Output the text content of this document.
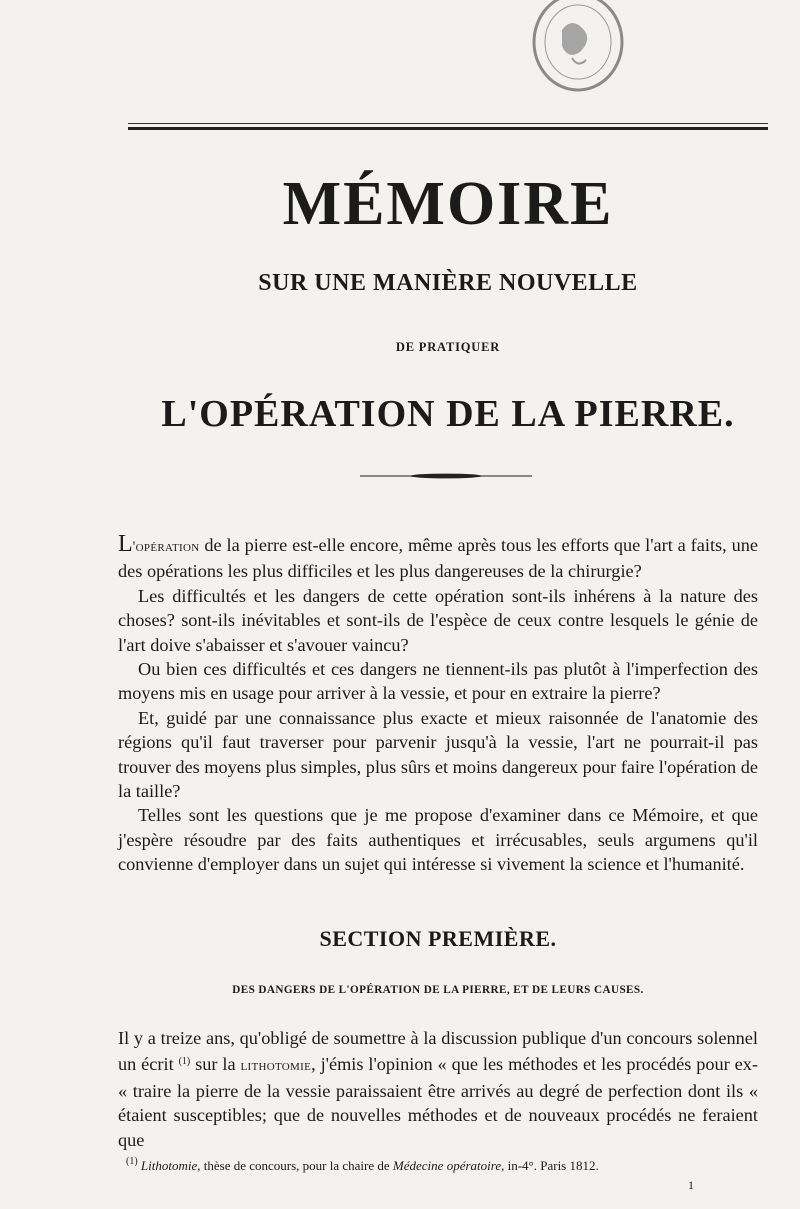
MÉMOIRE
SUR UNE MANIÈRE NOUVELLE
DE PRATIQUER
L'OPÉRATION DE LA PIERRE.

L'opération de la pierre est-elle encore, même après tous les efforts que l'art a faits, une des opérations les plus difficiles et les plus dangereuses de la chirurgie?

Les difficultés et les dangers de cette opération sont-ils inhérens à la nature des choses? sont-ils inévitables et sont-ils de l'espèce de ceux contre lesquels le génie de l'art doive s'abaisser et s'avouer vaincu?

Ou bien ces difficultés et ces dangers ne tiennent-ils pas plutôt à l'imperfection des moyens mis en usage pour arriver à la vessie, et pour en extraire la pierre?

Et, guidé par une connaissance plus exacte et mieux raisonnée de l'anatomie des régions qu'il faut traverser pour parvenir jusqu'à la vessie, l'art ne pourrait-il pas trouver des moyens plus simples, plus sûrs et moins dangereux pour faire l'opération de la taille?

Telles sont les questions que je me propose d'examiner dans ce Mémoire, et que j'espère résoudre par des faits authentiques et irrécusables, seuls argumens qu'il convienne d'employer dans un sujet qui intéresse si vivement la science et l'humanité.

SECTION PREMIÈRE.
DES DANGERS DE L'OPÉRATION DE LA PIERRE, ET DE LEURS CAUSES.

Il y a treize ans, qu'obligé de soumettre à la discussion publique d'un concours solennel un écrit $^{(1)}$ sur la lithotomie, j'émis l'opinion « que les méthodes et les procédés pour ex- « traire la pierre de la vessie paraissaient être arrivés au degré de perfection dont ils « étaient susceptibles; que de nouvelles méthodes et de nouveaux procédés ne feraient que

$^{(1)}$ Lithotomie, thèse de concours, pour la chaire de Médecine opératoire, in-4°. Paris 1812.
1
